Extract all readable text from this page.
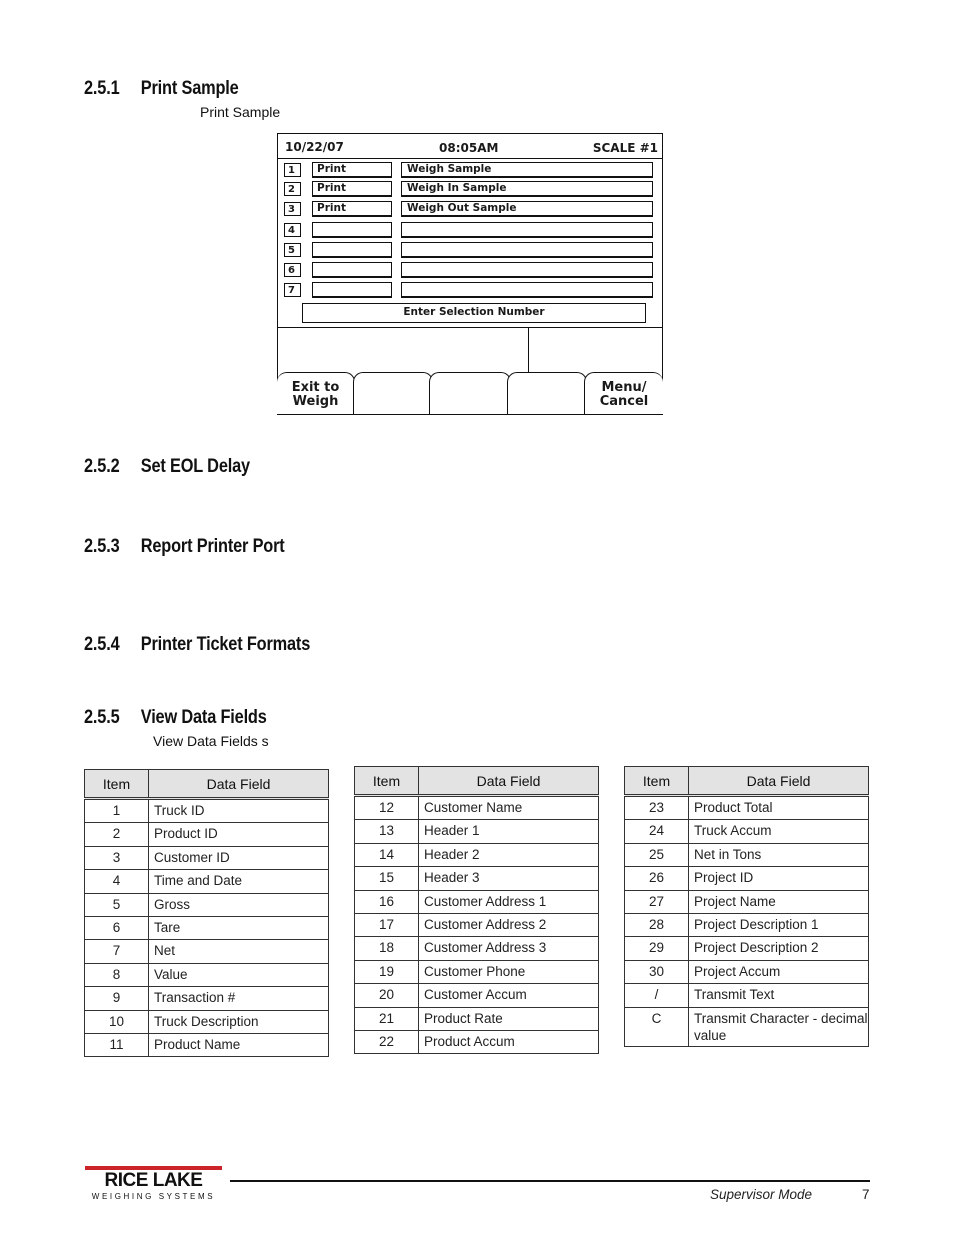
2.5.1 Print Sample
Print Sample
10/22/07	08:05AM	SCALE #1
1	Print	Weigh Sample
2	Print	Weigh In Sample
3	Print	Weigh Out Sample
4
5
6
7
Enter Selection Number
Exit to
Weigh
Menu/
Cancel
2.5.2 Set EOL Delay
2.5.3 Report Printer Port
2.5.4 Printer Ticket Formats
2.5.5 View Data Fields
View Data Fields s
Item	Data Field
1	Truck ID
2	Product ID
3	Customer ID
4	Time and Date
5	Gross
6	Tare
7	Net
8	Value
9	Transaction #
10	Truck Description
11	Product Name
Item	Data Field
12	Customer Name
13	Header 1
14	Header 2
15	Header 3
16	Customer Address 1
17	Customer Address 2
18	Customer Address 3
19	Customer Phone
20	Customer Accum
21	Product Rate
22	Product Accum
Item	Data Field
23	Product Total
24	Truck Accum
25	Net in Tons
26	Project ID
27	Project Name
28	Project Description 1
29	Project Description 2
30	Project Accum
/	Transmit Text
C	Transmit Character - decimal value
RICE LAKE
WEIGHING SYSTEMS	Supervisor Mode	7
